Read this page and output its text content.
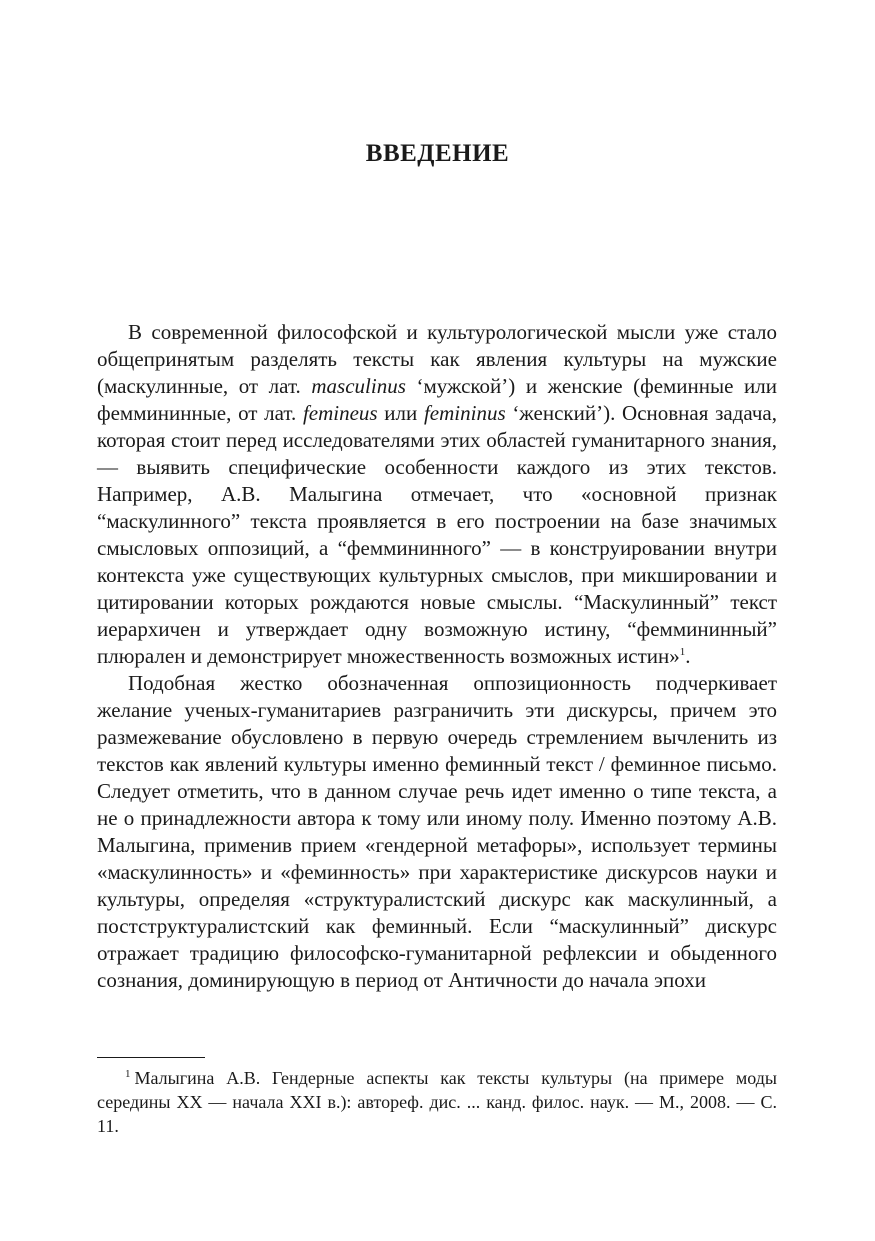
ВВЕДЕНИЕ

В современной философской и культурологической мысли уже стало общепринятым разделять тексты как явления культуры на мужские (маскулинные, от лат. masculinus ‘мужской’) и женские (феминные или феммининные, от лат. femineus или femininus ‘женский’). Основная задача, которая стоит перед исследователями этих областей гуманитарного знания, — выявить специфические особенности каждого из этих текстов. Например, А.В. Малыгина отмечает, что «основной признак “маскулинного” текста проявляется в его построении на базе значимых смысловых оппозиций, а “феммининного” — в конструировании внутри контекста уже существующих культурных смыслов, при микшировании и цитировании которых рождаются новые смыслы. “Маскулинный” текст иерархичен и утверждает одну возможную истину, “феммининный” плюрален и демонстрирует множественность возможных истин»$^1$.

Подобная жестко обозначенная оппозиционность подчеркивает желание ученых-гуманитариев разграничить эти дискурсы, причем это размежевание обусловлено в первую очередь стремлением вычленить из текстов как явлений культуры именно феминный текст / феминное письмо. Следует отметить, что в данном случае речь идет именно о типе текста, а не о принадлежности автора к тому или иному полу. Именно поэтому А.В. Малыгина, применив прием «гендерной метафоры», использует термины «маскулинность» и «феминность» при характеристике дискурсов науки и культуры, определяя «структуралистский дискурс как маскулинный, а постструктуралистский как феминный. Если “маскулинный” дискурс отражает традицию философско-гуманитарной рефлексии и обыденного сознания, доминирующую в период от Античности до начала эпохи

$^1$ Малыгина А.В. Гендерные аспекты как тексты культуры (на примере моды середины XX — начала XXI в.): автореф. дис. ... канд. филос. наук. — М., 2008. — С. 11.
